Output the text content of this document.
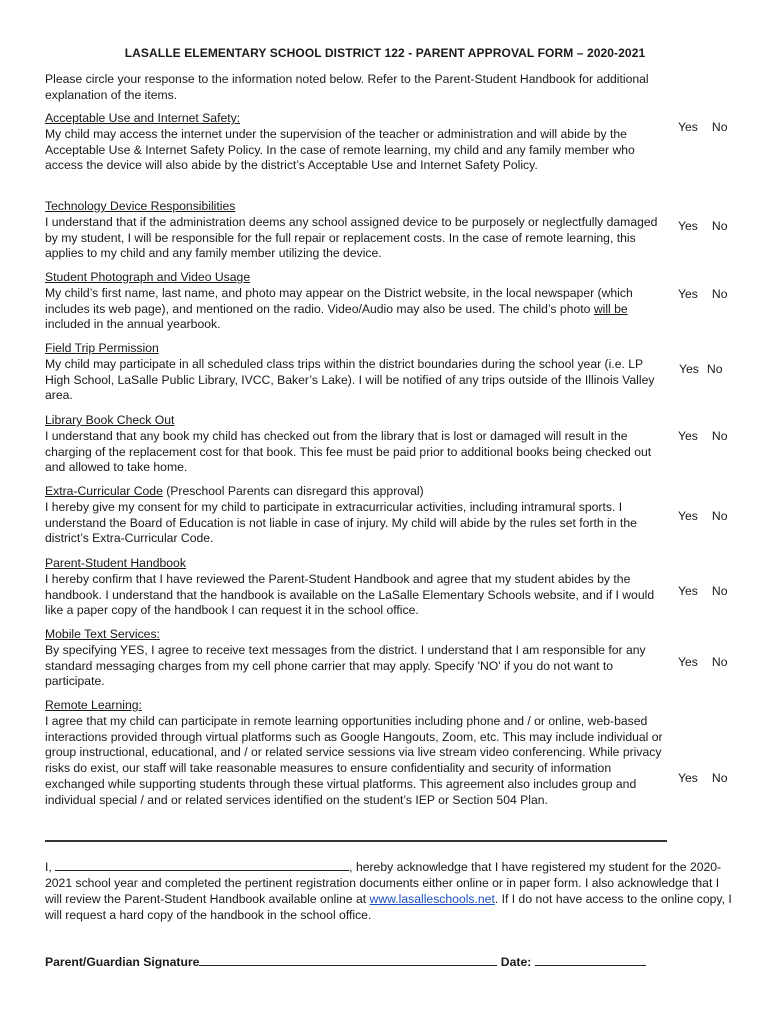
LASALLE ELEMENTARY SCHOOL DISTRICT 122 - PARENT APPROVAL FORM – 2020-2021
Please circle your response to the information noted below. Refer to the Parent-Student Handbook for additional explanation of the items.
Acceptable Use and Internet Safety:
My child may access the internet under the supervision of the teacher or administration and will abide by the Acceptable Use & Internet Safety Policy. In the case of remote learning, my child and any family member who access the device will also abide by the district’s Acceptable Use and Internet Safety Policy.
Yes No
Technology Device Responsibilities
I understand that if the administration deems any school assigned device to be purposely or neglectfully damaged by my student, I will be responsible for the full repair or replacement costs. In the case of remote learning, this applies to my child and any family member utilizing the device.
Yes No
Student Photograph and Video Usage
My child’s first name, last name, and photo may appear on the District website, in the local newspaper (which includes its web page), and mentioned on the radio. Video/Audio may also be used. The child’s photo will be included in the annual yearbook.
Yes No
Field Trip Permission
My child may participate in all scheduled class trips within the district boundaries during the school year (i.e. LP High School, LaSalle Public Library, IVCC, Baker’s Lake). I will be notified of any trips outside of the Illinois Valley area.
Yes No
Library Book Check Out
I understand that any book my child has checked out from the library that is lost or damaged will result in the charging of the replacement cost for that book. This fee must be paid prior to additional books being checked out and allowed to take home.
Yes No
Extra-Curricular Code (Preschool Parents can disregard this approval)
I hereby give my consent for my child to participate in extracurricular activities, including intramural sports. I understand the Board of Education is not liable in case of injury. My child will abide by the rules set forth in the district’s Extra-Curricular Code.
Yes No
Parent-Student Handbook
I hereby confirm that I have reviewed the Parent-Student Handbook and agree that my student abides by the handbook. I understand that the handbook is available on the LaSalle Elementary Schools website, and if I would like a paper copy of the handbook I can request it in the school office.
Yes No
Mobile Text Services:
By specifying YES, I agree to receive text messages from the district. I understand that I am responsible for any standard messaging charges from my cell phone carrier that may apply. Specify 'NO' if you do not want to participate.
Yes No
Remote Learning:
I agree that my child can participate in remote learning opportunities including phone and / or online, web-based interactions provided through virtual platforms such as Google Hangouts, Zoom, etc. This may include individual or group instructional, educational, and / or related service sessions via live stream video conferencing. While privacy risks do exist, our staff will take reasonable measures to ensure confidentiality and security of information exchanged while supporting students through these virtual platforms. This agreement also includes group and individual special / and or related services identified on the student’s IEP or Section 504 Plan.
Yes No
I,	, hereby acknowledge that I have registered my student for the 2020-2021 school year and completed the pertinent registration documents either online or in paper form. I also acknowledge that I will review the Parent-Student Handbook available online at www.lasalleschools.net. If I do not have access to the online copy, I will request a hard copy of the handbook in the school office.
Parent/Guardian Signature	Date:
